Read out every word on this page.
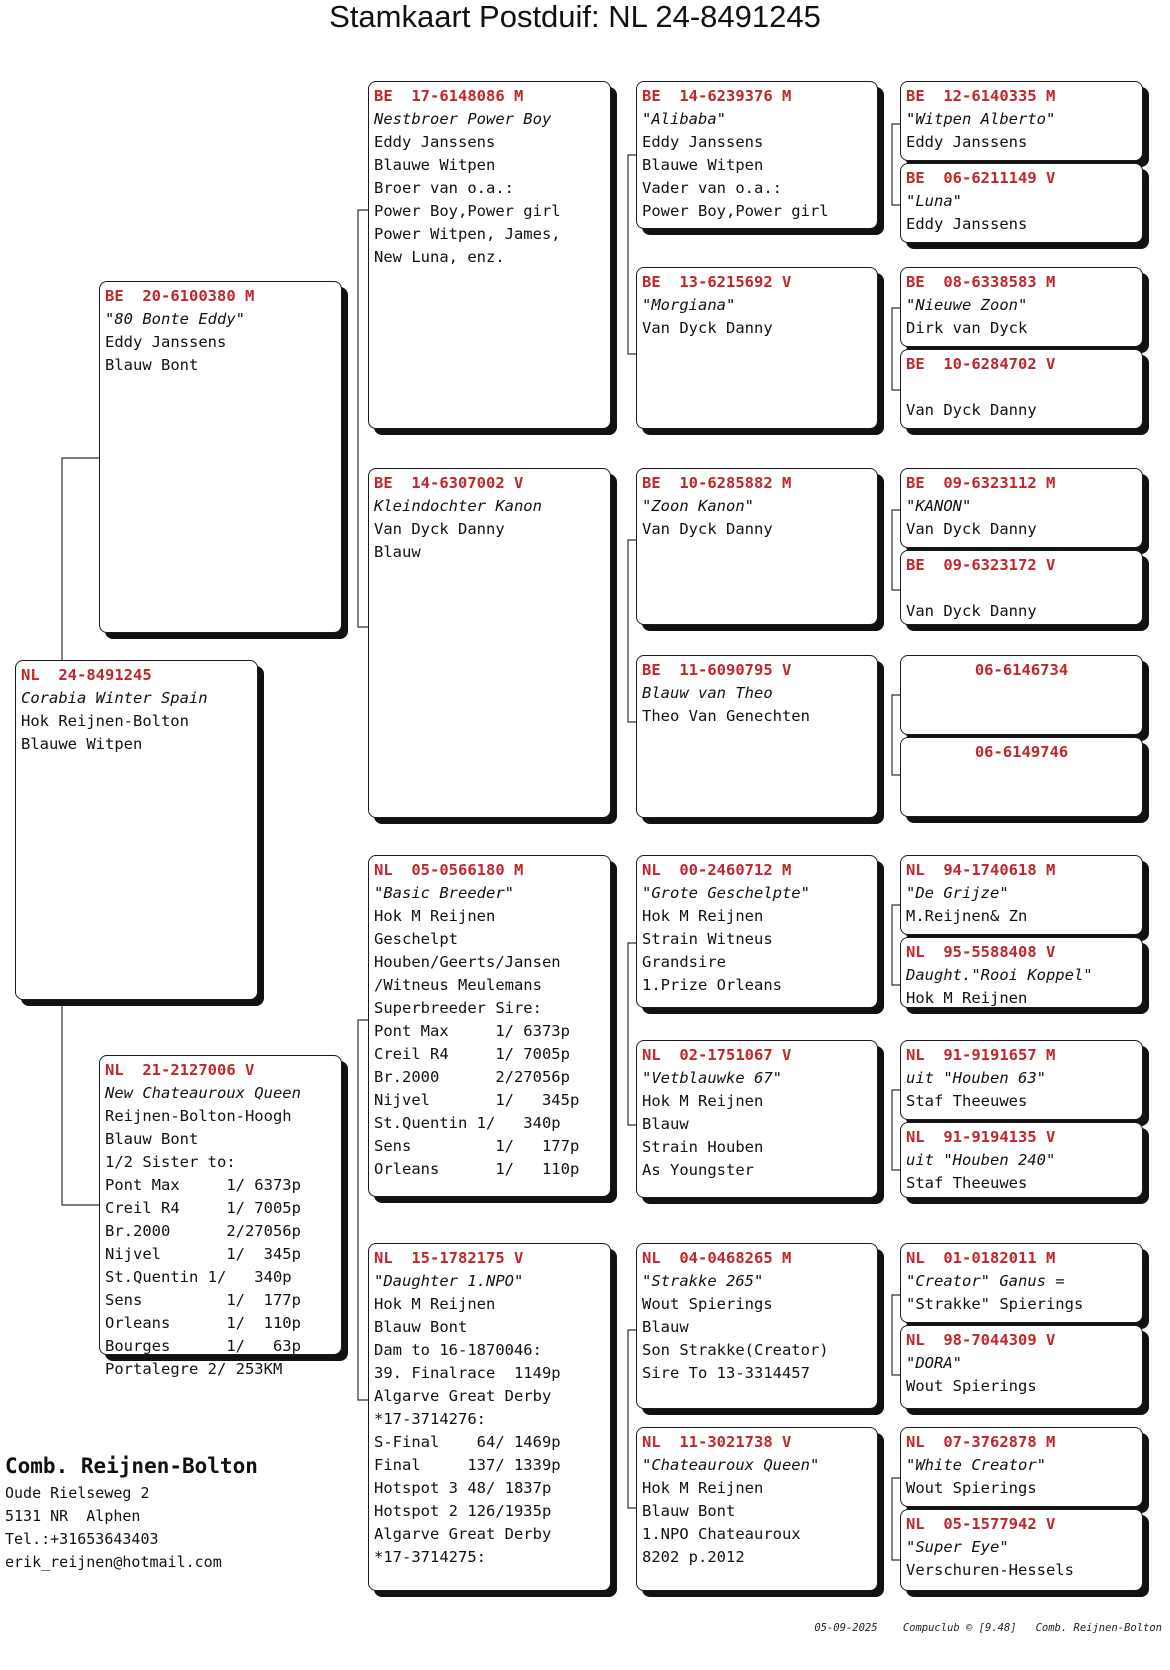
Stamkaart Postduif: NL 24-8491245
NL  24-8491245
Corabia Winter Spain
Hok Reijnen-Bolton
Blauwe Witpen
BE  20-6100380 M
"80 Bonte Eddy"
Eddy Janssens
Blauw Bont
NL  21-2127006 V
New Chateauroux Queen
Reijnen-Bolton-Hoogh
Blauw Bont
1/2 Sister to:
Pont Max     1/ 6373p
Creil R4     1/ 7005p
Br.2000      2/27056p
Nijvel       1/  345p
St.Quentin 1/   340p
Sens         1/  177p
Orleans      1/  110p
Bourges      1/   63p
Portalegre 2/ 253KM
BE  17-6148086 M
Nestbroer Power Boy
Eddy Janssens
Blauwe Witpen
Broer van o.a.:
Power Boy,Power girl
Power Witpen, James,
New Luna, enz.
BE  14-6307002 V
Kleindochter Kanon
Van Dyck Danny
Blauw
NL  05-0566180 M
"Basic Breeder"
Hok M Reijnen
Geschelpt
Houben/Geerts/Jansen
/Witneus Meulemans
Superbreeder Sire:
Pont Max     1/ 6373p
Creil R4     1/ 7005p
Br.2000      2/27056p
Nijvel       1/   345p
St.Quentin 1/   340p
Sens         1/   177p
Orleans      1/   110p
NL  15-1782175 V
"Daughter 1.NPO"
Hok M Reijnen
Blauw Bont
Dam to 16-1870046:
39. Finalrace  1149p
Algarve Great Derby
*17-3714276:
S-Final    64/ 1469p
Final     137/ 1339p
Hotspot 3 48/ 1837p
Hotspot 2 126/1935p
Algarve Great Derby
*17-3714275:
BE  14-6239376 M
"Alibaba"
Eddy Janssens
Blauwe Witpen
Vader van o.a.:
Power Boy,Power girl
BE  13-6215692 V
"Morgiana"
Van Dyck Danny
BE  10-6285882 M
"Zoon Kanon"
Van Dyck Danny
BE  11-6090795 V
Blauw van Theo
Theo Van Genechten
NL  00-2460712 M
"Grote Geschelpte"
Hok M Reijnen
Strain Witneus
Grandsire
1.Prize Orleans
NL  02-1751067 V
"Vetblauwke 67"
Hok M Reijnen
Blauw
Strain Houben
As Youngster
NL  04-0468265 M
"Strakke 265"
Wout Spierings
Blauw
Son Strakke(Creator)
Sire To 13-3314457
NL  11-3021738 V
"Chateauroux Queen"
Hok M Reijnen
Blauw Bont
1.NPO Chateauroux
8202 p.2012
BE  12-6140335 M
"Witpen Alberto"
Eddy Janssens
BE  06-6211149 V
"Luna"
Eddy Janssens
BE  08-6338583 M
"Nieuwe Zoon"
Dirk van Dyck
BE  10-6284702 V
Van Dyck Danny
BE  09-6323112 M
"KANON"
Van Dyck Danny
BE  09-6323172 V
Van Dyck Danny
06-6146734
06-6149746
NL  94-1740618 M
"De Grijze"
M.Reijnen& Zn
NL  95-5588408 V
Daught."Rooi Koppel"
Hok M Reijnen
NL  91-9191657 M
uit "Houben 63"
Staf Theeuwes
NL  91-9194135 V
uit "Houben 240"
Staf Theeuwes
NL  01-0182011 M
"Creator" Ganus =
"Strakke" Spierings
NL  98-7044309 V
"DORA"
Wout Spierings
NL  07-3762878 M
"White Creator"
Wout Spierings
NL  05-1577942 V
"Super Eye"
Verschuren-Hessels
Comb. Reijnen-Bolton
Oude Rielseweg 2
5131 NR  Alphen
Tel.:+31653643403
erik_reijnen@hotmail.com
05-09-2025    Compuclub © [9.48]   Comb. Reijnen-Bolton
